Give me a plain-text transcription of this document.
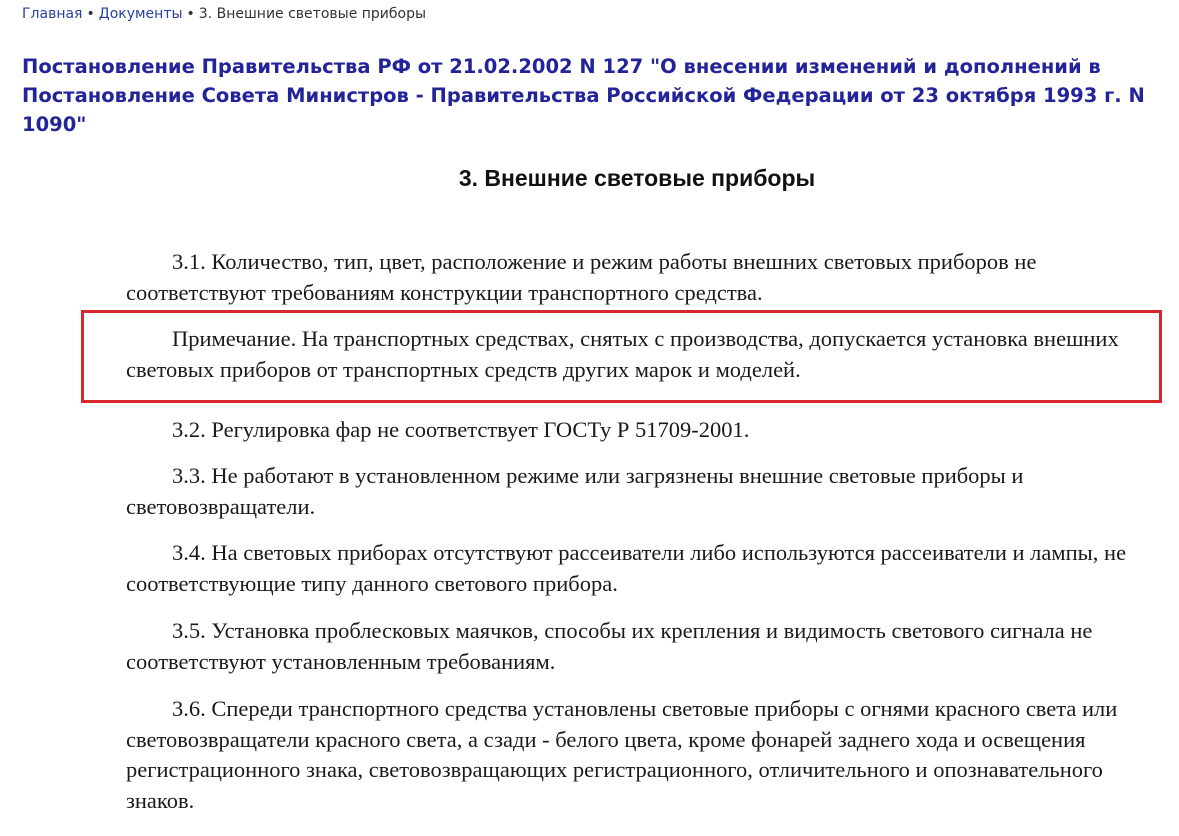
Главная • Документы • 3. Внешние световые приборы
Постановление Правительства РФ от 21.02.2002 N 127 "О внесении изменений и дополнений в Постановление Совета Министров - Правительства Российской Федерации от 23 октября 1993 г. N 1090"
3. Внешние световые приборы

3.1. Количество, тип, цвет, расположение и режим работы внешних световых приборов не соответствуют требованиям конструкции транспортного средства.

Примечание. На транспортных средствах, снятых с производства, допускается установка внешних световых приборов от транспортных средств других марок и моделей.

3.2. Регулировка фар не соответствует ГОСТу Р 51709-2001.

3.3. Не работают в установленном режиме или загрязнены внешние световые приборы и световозвращатели.

3.4. На световых приборах отсутствуют рассеиватели либо используются рассеиватели и лампы, не соответствующие типу данного светового прибора.

3.5. Установка проблесковых маячков, способы их крепления и видимость светового сигнала не соответствуют установленным требованиям.

3.6. Спереди транспортного средства установлены световые приборы с огнями красного света или световозвращатели красного света, а сзади - белого цвета, кроме фонарей заднего хода и освещения регистрационного знака, световозвращающих регистрационного, отличительного и опознавательного знаков.
